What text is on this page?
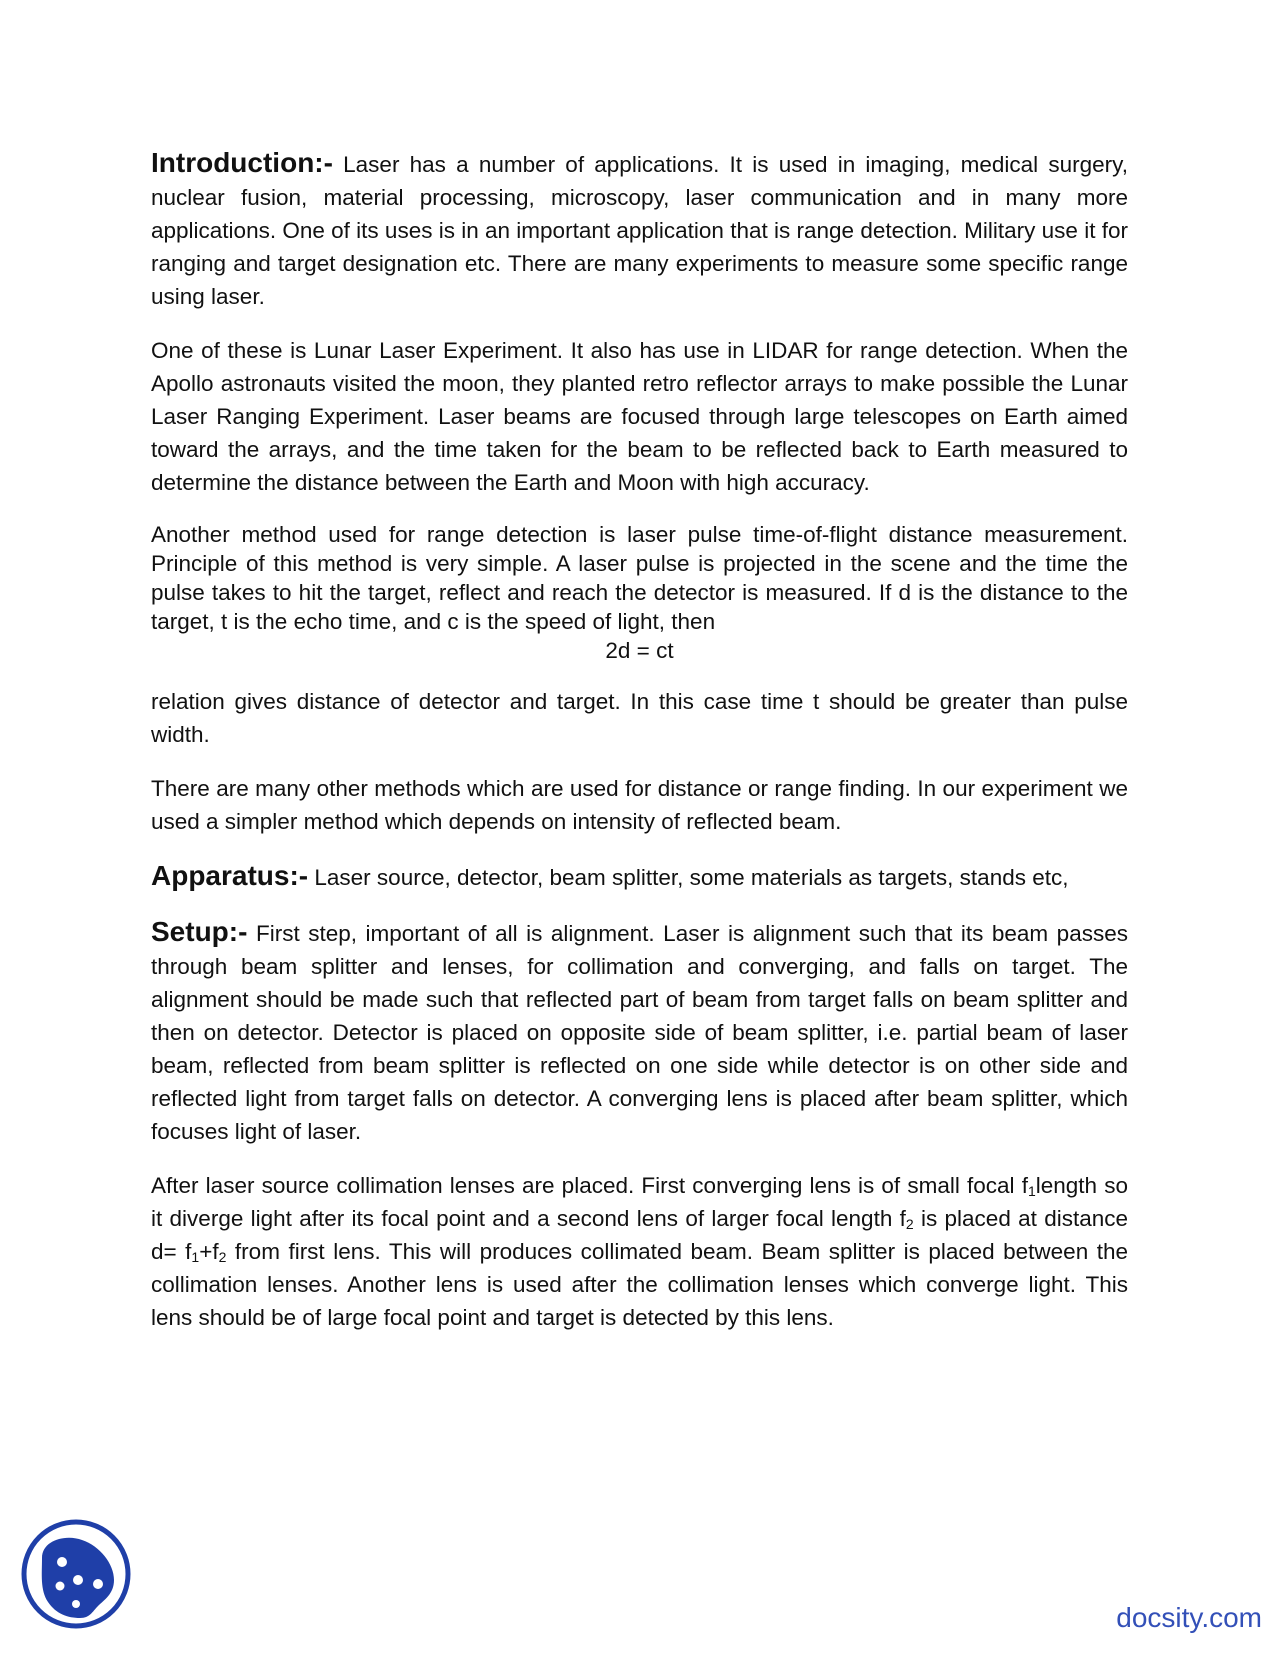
Introduction:- Laser has a number of applications. It is used in imaging, medical surgery, nuclear fusion, material processing, microscopy, laser communication and in many more applications. One of its uses is in an important application that is range detection. Military use it for ranging and target designation etc. There are many experiments to measure some specific range using laser.

One of these is Lunar Laser Experiment. It also has use in LIDAR for range detection. When the Apollo astronauts visited the moon, they planted retro reflector arrays to make possible the Lunar Laser Ranging Experiment. Laser beams are focused through large telescopes on Earth aimed toward the arrays, and the time taken for the beam to be reflected back to Earth measured to determine the distance between the Earth and Moon with high accuracy.

Another method used for range detection is laser pulse time-of-flight distance measurement. Principle of this method is very simple. A laser pulse is projected in the scene and the time the pulse takes to hit the target, reflect and reach the detector is measured. If d is the distance to the target, t is the echo time, and c is the speed of light, then

2d = ct

relation gives distance of detector and target. In this case time t should be greater than pulse width.

There are many other methods which are used for distance or range finding. In our experiment we used a simpler method which depends on intensity of reflected beam.

Apparatus:- Laser source, detector, beam splitter, some materials as targets, stands etc,

Setup:- First step, important of all is alignment. Laser is alignment such that its beam passes through beam splitter and lenses, for collimation and converging, and falls on target. The alignment should be made such that reflected part of beam from target falls on beam splitter and then on detector. Detector is placed on opposite side of beam splitter, i.e. partial beam of laser beam, reflected from beam splitter is reflected on one side while detector is on other side and reflected light from target falls on detector. A converging lens is placed after beam splitter, which focuses light of laser.

After laser source collimation lenses are placed. First converging lens is of small focal $f_1length$ so it diverge light after its focal point and a second lens of larger focal length $f_2$ is placed at distance $d= f_1+f_2$ from first lens. This will produces collimated beam. Beam splitter is placed between the collimation lenses. Another lens is used after the collimation lenses which converge light. This lens should be of large focal point and target is detected by this lens.

docsity.com
